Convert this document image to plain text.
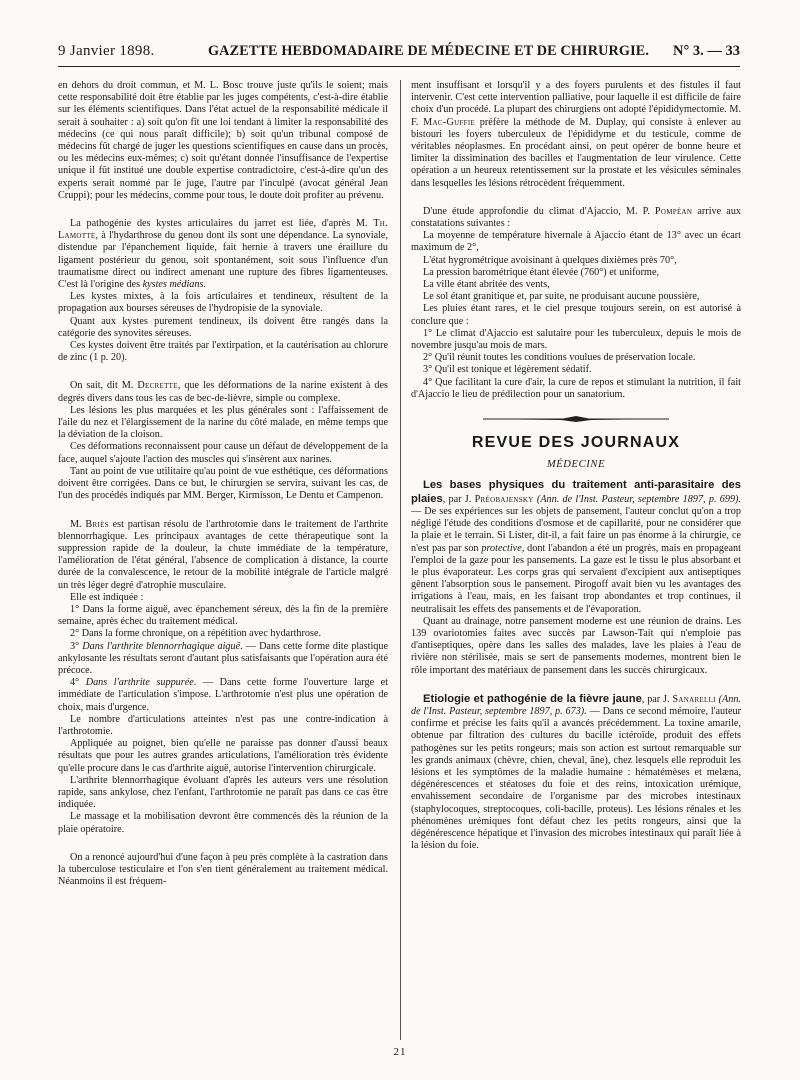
9 Janvier 1898.	GAZETTE HEBDOMADAIRE DE MÉDECINE ET DE CHIRURGIE. N° 3. — 33

en dehors du droit commun, et M. L. Bosc trouve juste qu'ils le soient; mais cette responsabilité doit être établie par les juges compétents, c'est-à-dire établie sur les éléments scientifiques. Dans l'état actuel de la responsabilité médicale il serait à souhaiter : a) soit qu'on fît une loi tendant à limiter la responsabilité des médecins (ce qui nous paraît difficile); b) soit qu'un tribunal composé de médecins fût chargé de juger les questions scientifiques en cause dans un procès, ou les médecins eux-mêmes; c) soit qu'étant donnée l'insuffisance de l'expertise unique il fût institué une double expertise contradictoire, c'est-à-dire qu'un des experts serait nommé par le juge, l'autre par l'inculpé (avocat général Jean Cruppi); pour les médecins, comme pour tous, le doute doit profiter au prévenu.

La pathogénie des kystes articulaires du jarret est liée, d'après M. Th. Lamotte, à l'hydarthrose du genou dont ils sont une dépendance. La synoviale, distendue par l'épanchement liquide, fait hernie à travers une éraillure du ligament postérieur du genou, soit spontanément, soit sous l'influence d'un traumatisme direct ou indirect amenant une rupture des fibres ligamenteuses. C'est là l'origine des kystes médians.

Les kystes mixtes, à la fois articulaires et tendineux, résultent de la propagation aux bourses séreuses de l'hydropisie de la synoviale.

Quant aux kystes purement tendineux, ils doivent être rangés dans la catégorie des synovites séreuses.

Ces kystes doivent être traités par l'extirpation, et la cautérisation au chlorure de zinc (1 p. 20).

On sait, dit M. Decrette, que les déformations de la narine existent à des degrés divers dans tous les cas de bec-de-lièvre, simple ou complexe.

Les lésions les plus marquées et les plus générales sont : l'affaissement de l'aile du nez et l'élargissement de la narine du côté malade, en même temps que la déviation de la cloison.

Ces déformations reconnaissent pour cause un défaut de développement de la face, auquel s'ajoute l'action des muscles qui s'insèrent aux narines.

Tant au point de vue utilitaire qu'au point de vue esthétique, ces déformations doivent être corrigées. Dans ce but, le chirurgien se servira, suivant les cas, de l'un des procédés indiqués par MM. Berger, Kirmisson, Le Dentu et Campenon.

M. Briès est partisan résolu de l'arthrotomie dans le traitement de l'arthrite blennorrhagique. Les principaux avantages de cette thérapeutique sont la suppression rapide de la douleur, la chute immédiate de la température, l'amélioration de l'état général, l'absence de complication à distance, la courte durée de la convalescence, le retour de la mobilité intégrale de l'article malgré un très léger degré d'atrophie musculaire.

Elle est indiquée :

1° Dans la forme aiguë, avec épanchement séreux, dès la fin de la première semaine, après échec du traitement médical.

2° Dans la forme chronique, on a répétition avec hydarthrose.

3° Dans l'arthrite blennorrhagique aiguë. — Dans cette forme dite plastique ankylosante les résultats seront d'autant plus satisfaisants que l'opération aura été précoce.

4° Dans l'arthrite suppurée. — Dans cette forme l'ouverture large et immédiate de l'articulation s'impose. L'arthrotomie n'est plus une opération de choix, mais d'urgence.

Le nombre d'articulations atteintes n'est pas une contre-indication à l'arthrotomie.

Appliquée au poignet, bien qu'elle ne paraisse pas donner d'aussi beaux résultats que pour les autres grandes articulations, l'amélioration très évidente qu'elle procure dans le cas d'arthrite aiguë, autorise l'intervention chirurgicale.

L'arthrite blennorrhagique évoluant d'après les auteurs vers une résolution rapide, sans ankylose, chez l'enfant, l'arthrotomie ne paraît pas dans ce cas être indiquée.

Le massage et la mobilisation devront être commencés dès la réunion de la plaie opératoire.

On a renoncé aujourd'hui d'une façon à peu près complète à la castration dans la tuberculose testiculaire et l'on s'en tient généralement au traitement médical. Néanmoins il est fréquem-

ment insuffisant et lorsqu'il y a des foyers purulents et des fistules il faut intervenir. C'est cette intervention palliative, pour laquelle il est difficile de faire choix d'un procédé. La plupart des chirurgiens ont adopté l'épididymectomie. M. F. Mac-Guffie préfère la méthode de M. Duplay, qui consiste à enlever au bistouri les foyers tuberculeux de l'épididyme et du testicule, comme de véritables néoplasmes. En procédant ainsi, on peut opérer de bonne heure et limiter la dissimination des bacilles et l'augmentation de leur virulence. Cette opération a un heureux retentissement sur la prostate et les vésicules séminales dans lesquelles les lésions rétrocèdent fréquemment.

D'une étude approfondie du climat d'Ajaccio, M. P. Pompéan arrive aux constatations suivantes :

La moyenne de température hivernale à Ajaccio étant de 13° avec un écart maximum de 2°,

L'état hygrométrique avoisinant à quelques dixièmes près 70°,

La pression barométrique étant élevée (760°) et uniforme,

La ville étant abritée des vents,

Le sol étant granitique et, par suite, ne produisant aucune poussière,

Les pluies étant rares, et le ciel presque toujours serein, on est autorisé à conclure que :

1° Le climat d'Ajaccio est salutaire pour les tuberculeux, depuis le mois de novembre jusqu'au mois de mars.

2° Qu'il réunit toutes les conditions voulues de préservation locale.

3° Qu'il est tonique et légèrement sédatif.

4° Que facilitant la cure d'air, la cure de repos et stimulant la nutrition, il fait d'Ajaccio le lieu de prédilection pour un sanatorium.

REVUE DES JOURNAUX
MÉDECINE

Les bases physiques du traitement anti-parasitaire des plaies, par J. Préobajensky (Ann. de l'Inst. Pasteur, septembre 1897, p. 699). — De ses expériences sur les objets de pansement, l'auteur conclut qu'on a trop négligé l'étude des conditions d'osmose et de capillarité, pour ne considérer que la plaie et le terrain. Si Lister, dit-il, a fait faire un pas énorme à la chirurgie, ce n'est pas par son protective, dont l'abandon a été un progrès, mais en propageant l'emploi de la gaze pour les pansements. La gaze est le tissu le plus absorbant et le plus évaporateur. Les corps gras qui servaient d'excipient aux antiseptiques gênent l'absorption sous le pansement. Pirogoff avait bien vu les avantages des irrigations à l'eau, mais, en les faisant trop abondantes et trop continues, il neutralisait les effets des pansements et de l'évaporation.

Quant au drainage, notre pansement moderne est une réunion de drains. Les 139 ovariotomies faites avec succès par Lawson-Tait qui n'emploie pas d'antiseptiques, opère dans les salles des malades, lave les plaies à l'eau de rivière non stérilisée, mais se sert de pansements modernes, montrent bien le rôle important des matériaux de pansement dans les succès chirurgicaux.

Etiologie et pathogénie de la fièvre jaune, par J. Sanarelli (Ann. de l'Inst. Pasteur, septembre 1897, p. 673). — Dans ce second mémoire, l'auteur confirme et précise les faits qu'il a avancés précédemment. La toxine amarile, obtenue par filtration des cultures du bacille ictéroïde, produit des effets pathogènes sur les petits rongeurs; mais son action est surtout remarquable sur les grands animaux (chèvre, chien, cheval, âne), chez lesquels elle reproduit les lésions et les symptômes de la maladie humaine : hématémèses et melæna, dégénérescences et stéatoses du foie et des reins, intoxication urémique, envahissement secondaire de l'organisme par des microbes intestinaux (staphylocoques, streptocoques, coli-bacille, proteus). Les lésions rénales et les phénomènes urémiques font défaut chez les petits rongeurs, ainsi que la dégénérescence hépatique et l'invasion des microbes intestinaux qui paraît liée à la lésion du foie.

21
